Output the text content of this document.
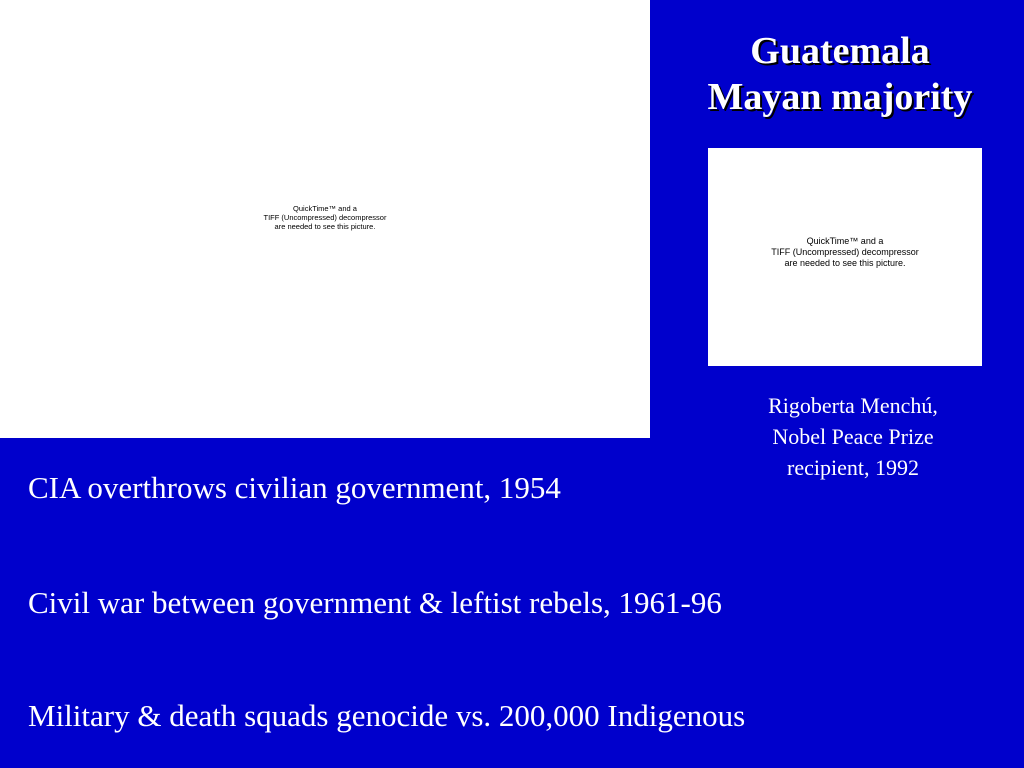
QuickTime™ and a
TIFF (Uncompressed) decompressor
are needed to see this picture.
Guatemala
Mayan majority
QuickTime™ and a
TIFF (Uncompressed) decompressor
are needed to see this picture.
Rigoberta Menchú,
Nobel Peace Prize
recipient, 1992
CIA overthrows civilian government, 1954
Civil war between government & leftist rebels, 1961-96
Military & death squads genocide vs. 200,000 Indigenous
